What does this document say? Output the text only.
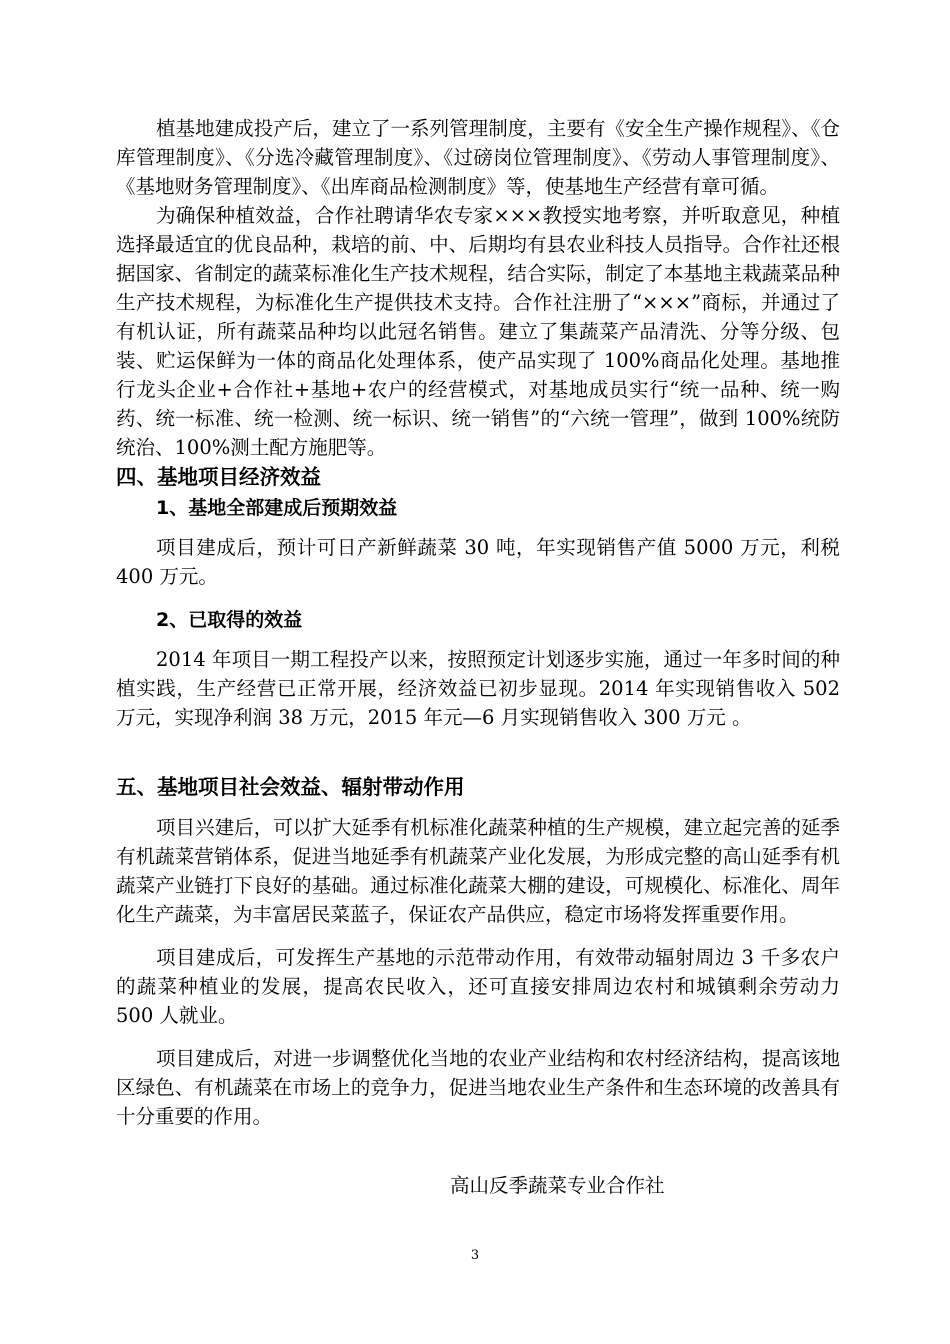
植基地建成投产后，建立了一系列管理制度，主要有《安全生产操作规程》、《仓库管理制度》、《分选冷藏管理制度》、《过磅岗位管理制度》、《劳动人事管理制度》、《基地财务管理制度》、《出库商品检测制度》等，使基地生产经营有章可循。

为确保种植效益，合作社聘请华农专家×××教授实地考察，并听取意见，种植选择最适宜的优良品种，栽培的前、中、后期均有县农业科技人员指导。合作社还根据国家、省制定的蔬菜标准化生产技术规程，结合实际，制定了本基地主栽蔬菜品种生产技术规程，为标准化生产提供技术支持。合作社注册了“×××”商标，并通过了有机认证，所有蔬菜品种均以此冠名销售。建立了集蔬菜产品清洗、分等分级、包装、贮运保鲜为一体的商品化处理体系，使产品实现了 100%商品化处理。基地推行龙头企业+合作社+基地+农户的经营模式，对基地成员实行“统一品种、统一购药、统一标准、统一检测、统一标识、统一销售”的“六统一管理”，做到 100%统防统治、100%测土配方施肥等。

四、基地项目经济效益
1、基地全部建成后预期效益

项目建成后，预计可日产新鲜蔬菜 30 吨，年实现销售产值 5000 万元，利税 400 万元。

2、已取得的效益

2014 年项目一期工程投产以来，按照预定计划逐步实施，通过一年多时间的种植实践，生产经营已正常开展，经济效益已初步显现。2014 年实现销售收入 502 万元，实现净利润 38 万元，2015 年元—6 月实现销售收入 300 万元 。

五、基地项目社会效益、辐射带动作用

项目兴建后，可以扩大延季有机标准化蔬菜种植的生产规模，建立起完善的延季有机蔬菜营销体系，促进当地延季有机蔬菜产业化发展，为形成完整的高山延季有机蔬菜产业链打下良好的基础。通过标准化蔬菜大棚的建设，可规模化、标准化、周年化生产蔬菜，为丰富居民菜蓝子，保证农产品供应，稳定市场将发挥重要作用。

项目建成后，可发挥生产基地的示范带动作用，有效带动辐射周边 3 千多农户的蔬菜种植业的发展，提高农民收入，还可直接安排周边农村和城镇剩余劳动力 500 人就业。

项目建成后，对进一步调整优化当地的农业产业结构和农村经济结构，提高该地区绿色、有机蔬菜在市场上的竞争力，促进当地农业生产条件和生态环境的改善具有十分重要的作用。

高山反季蔬菜专业合作社

3
